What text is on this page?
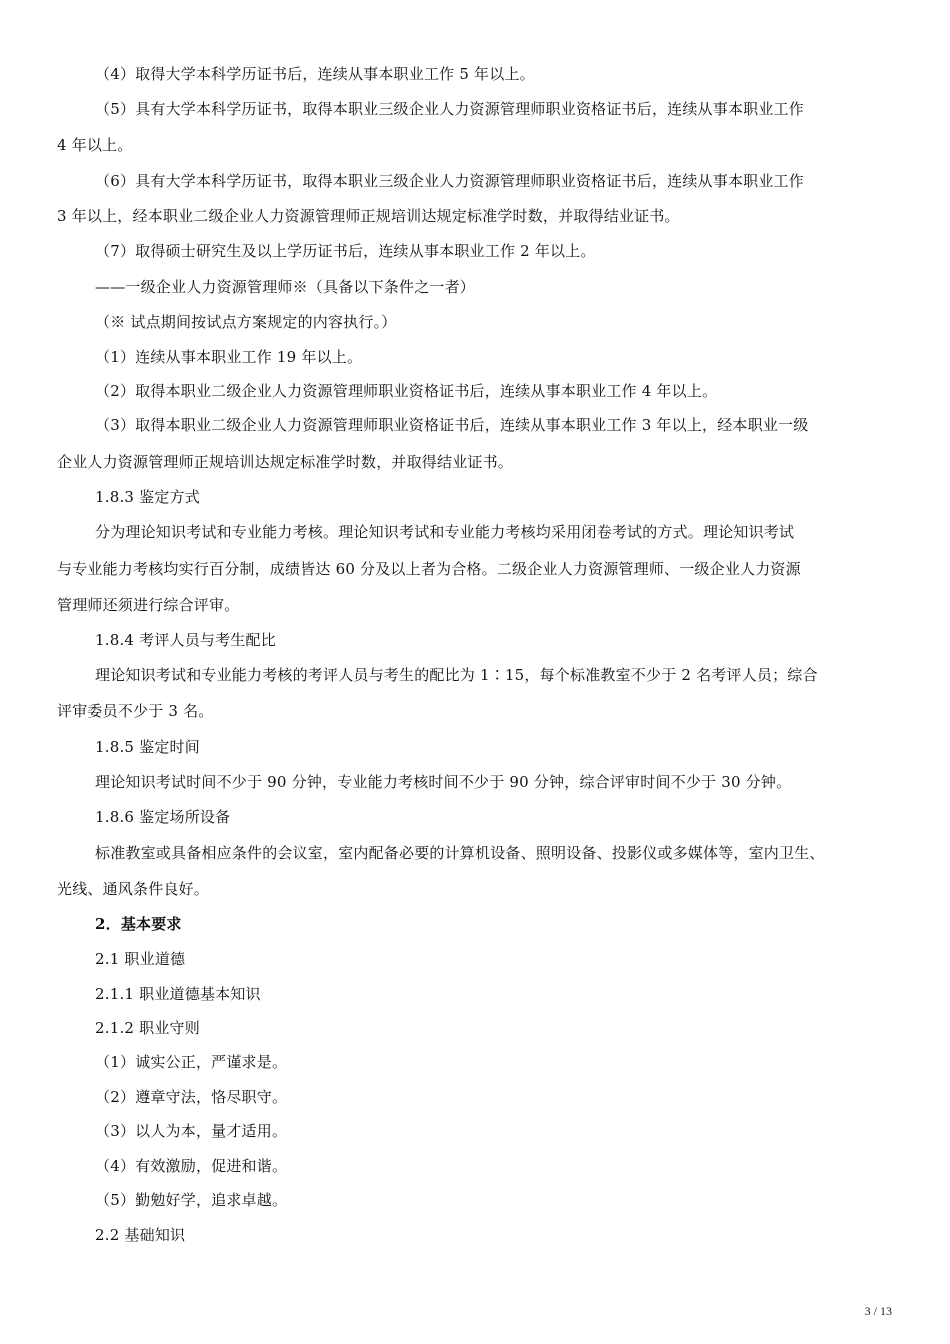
（4）取得大学本科学历证书后，连续从事本职业工作 5 年以上。
（5）具有大学本科学历证书，取得本职业三级企业人力资源管理师职业资格证书后，连续从事本职业工作
4 年以上。
（6）具有大学本科学历证书，取得本职业三级企业人力资源管理师职业资格证书后，连续从事本职业工作
3 年以上，经本职业二级企业人力资源管理师正规培训达规定标准学时数，并取得结业证书。
（7）取得硕士研究生及以上学历证书后，连续从事本职业工作 2 年以上。
——一级企业人力资源管理师※（具备以下条件之一者）
（※ 试点期间按试点方案规定的内容执行。）
（1）连续从事本职业工作 19 年以上。
（2）取得本职业二级企业人力资源管理师职业资格证书后，连续从事本职业工作 4 年以上。
（3）取得本职业二级企业人力资源管理师职业资格证书后，连续从事本职业工作 3 年以上，经本职业一级
企业人力资源管理师正规培训达规定标准学时数，并取得结业证书。
1.8.3 鉴定方式
分为理论知识考试和专业能力考核。理论知识考试和专业能力考核均采用闭卷考试的方式。理论知识考试
与专业能力考核均实行百分制，成绩皆达 60 分及以上者为合格。二级企业人力资源管理师、一级企业人力资源
管理师还须进行综合评审。
1.8.4 考评人员与考生配比
理论知识考试和专业能力考核的考评人员与考生的配比为 1∶15，每个标准教室不少于 2 名考评人员；综合
评审委员不少于 3 名。
1.8.5 鉴定时间
理论知识考试时间不少于 90 分钟，专业能力考核时间不少于 90 分钟，综合评审时间不少于 30 分钟。
1.8.6 鉴定场所设备
标准教室或具备相应条件的会议室，室内配备必要的计算机设备、照明设备、投影仪或多媒体等，室内卫生、
光线、通风条件良好。
2．基本要求
2.1 职业道德
2.1.1 职业道德基本知识
2.1.2 职业守则
（1）诚实公正，严谨求是。
（2）遵章守法，恪尽职守。
（3）以人为本，量才适用。
（4）有效激励，促进和谐。
（5）勤勉好学，追求卓越。
2.2 基础知识
3 / 13
